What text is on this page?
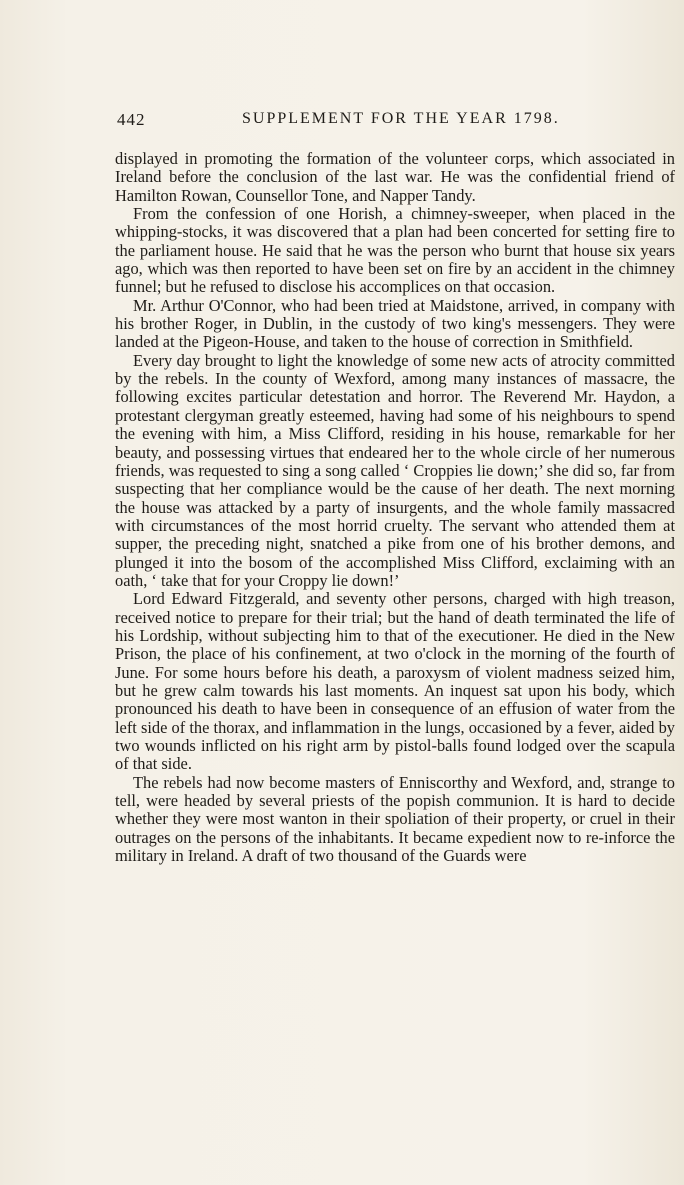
442	SUPPLEMENT FOR THE YEAR 1798.

displayed in promoting the formation of the volunteer corps, which associated in Ireland before the conclusion of the last war. He was the confidential friend of Hamilton Rowan, Counsellor Tone, and Napper Tandy.

From the confession of one Horish, a chimney-sweeper, when placed in the whipping-stocks, it was discovered that a plan had been concerted for setting fire to the parliament house. He said that he was the person who burnt that house six years ago, which was then reported to have been set on fire by an accident in the chimney funnel; but he refused to disclose his accomplices on that occasion.

Mr. Arthur O'Connor, who had been tried at Maidstone, arrived, in company with his brother Roger, in Dublin, in the custody of two king's messengers. They were landed at the Pigeon-House, and taken to the house of correction in Smithfield.

Every day brought to light the knowledge of some new acts of atrocity committed by the rebels. In the county of Wexford, among many instances of massacre, the following excites particular detestation and horror. The Reverend Mr. Haydon, a protestant clergyman greatly esteemed, having had some of his neighbours to spend the evening with him, a Miss Clifford, residing in his house, remarkable for her beauty, and possessing virtues that endeared her to the whole circle of her numerous friends, was requested to sing a song called ‘ Croppies lie down;’ she did so, far from suspecting that her compliance would be the cause of her death. The next morning the house was attacked by a party of insurgents, and the whole family massacred with circumstances of the most horrid cruelty. The servant who attended them at supper, the preceding night, snatched a pike from one of his brother demons, and plunged it into the bosom of the accomplished Miss Clifford, exclaiming with an oath, ‘ take that for your Croppy lie down!’

Lord Edward Fitzgerald, and seventy other persons, charged with high treason, received notice to prepare for their trial; but the hand of death terminated the life of his Lordship, without subjecting him to that of the executioner. He died in the New Prison, the place of his confinement, at two o'clock in the morning of the fourth of June. For some hours before his death, a paroxysm of violent madness seized him, but he grew calm towards his last moments. An inquest sat upon his body, which pronounced his death to have been in consequence of an effusion of water from the left side of the thorax, and inflammation in the lungs, occasioned by a fever, aided by two wounds inflicted on his right arm by pistol-balls found lodged over the scapula of that side.

The rebels had now become masters of Enniscorthy and Wexford, and, strange to tell, were headed by several priests of the popish communion. It is hard to decide whether they were most wanton in their spoliation of their property, or cruel in their outrages on the persons of the inhabitants. It became expedient now to re-inforce the military in Ireland. A draft of two thousand of the Guards were
